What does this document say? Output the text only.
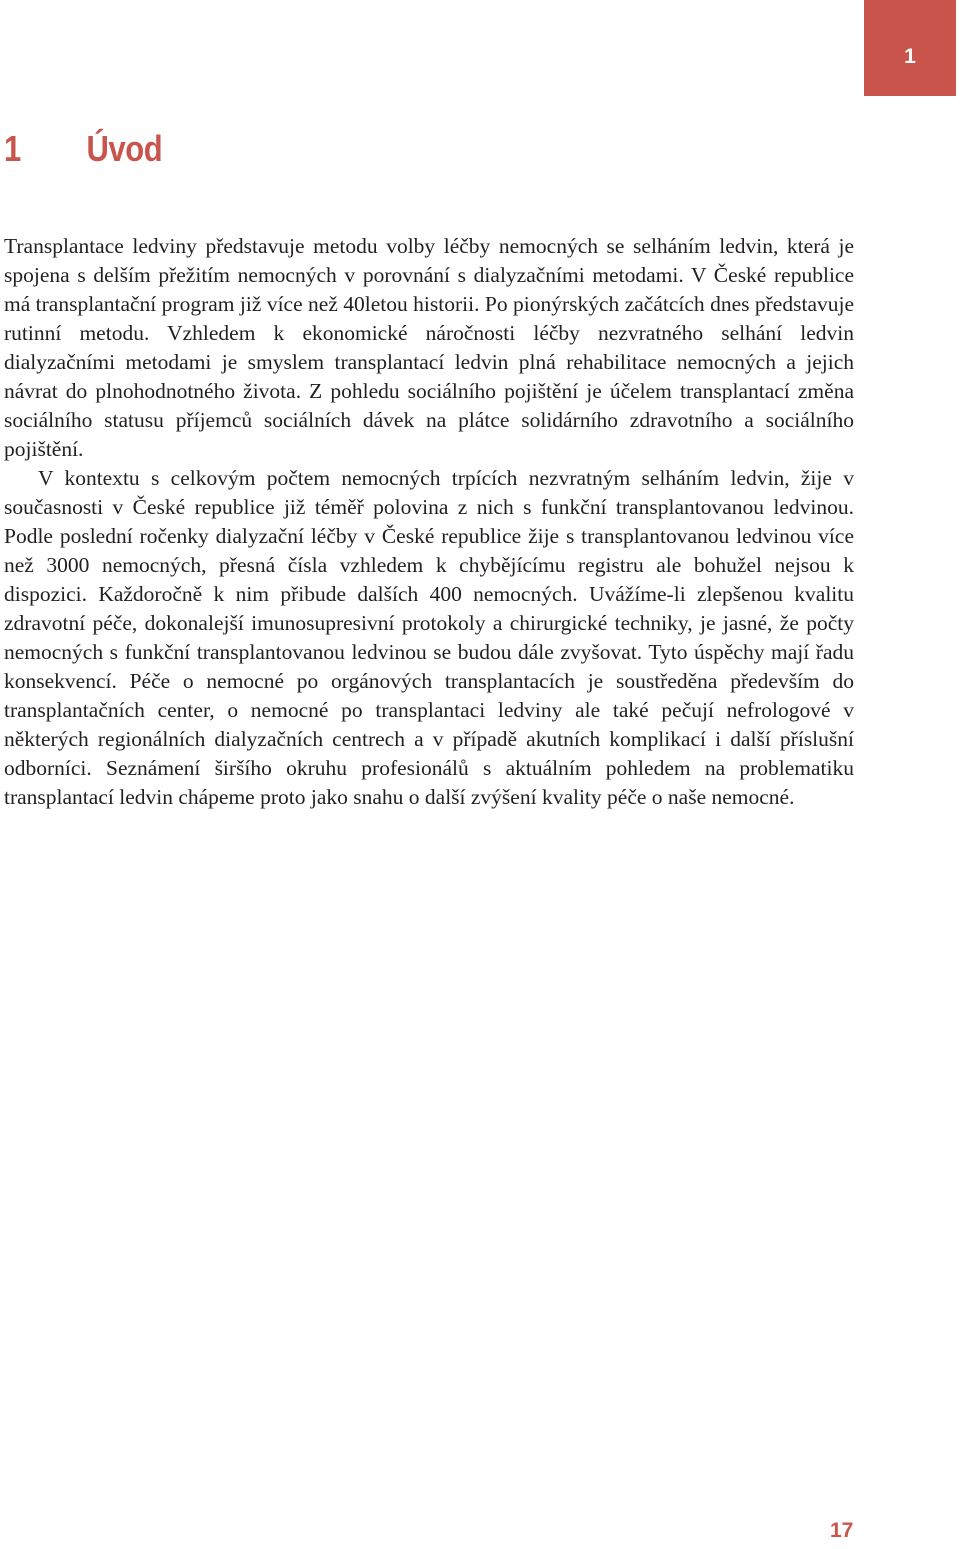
1
1 Úvod

Transplantace ledviny představuje metodu volby léčby nemocných se selháním ledvin, která je spojena s delším přežitím nemocných v porovnání s dialyzačními metodami. V České republice má transplantační program již více než 40letou historii. Po pionýrských začátcích dnes představuje rutinní metodu. Vzhledem k ekonomické náročnosti léčby nezvratného selhání ledvin dialyzačními metodami je smyslem transplantací ledvin plná rehabilitace nemocných a jejich návrat do plnohodnotného života. Z pohledu sociálního pojištění je účelem transplantací změna sociálního statusu příjemců sociálních dávek na plátce solidárního zdravotního a sociálního pojištění.

V kontextu s celkovým počtem nemocných trpících nezvratným selháním ledvin, žije v současnosti v České republice již téměř polovina z nich s funkční transplantovanou ledvinou. Podle poslední ročenky dialyzační léčby v České republice žije s transplantovanou ledvinou více než 3000 nemocných, přesná čísla vzhledem k chybějícímu registru ale bohužel nejsou k dispozici. Každoročně k nim přibude dalších 400 nemocných. Uvážíme-li zlepšenou kvalitu zdravotní péče, dokonalejší imunosupresivní protokoly a chirurgické techniky, je jasné, že počty nemocných s funkční transplantovanou ledvinou se budou dále zvyšovat. Tyto úspěchy mají řadu konsekvencí. Péče o nemocné po orgánových transplantacích je soustředěna především do transplantačních center, o nemocné po transplantaci ledviny ale také pečují nefrologové v některých regionálních dialyzačních centrech a v případě akutních komplikací i další příslušní odborníci. Seznámení širšího okruhu profesionálů s aktuálním pohledem na problematiku transplantací ledvin chápeme proto jako snahu o další zvýšení kvality péče o naše nemocné.

17
